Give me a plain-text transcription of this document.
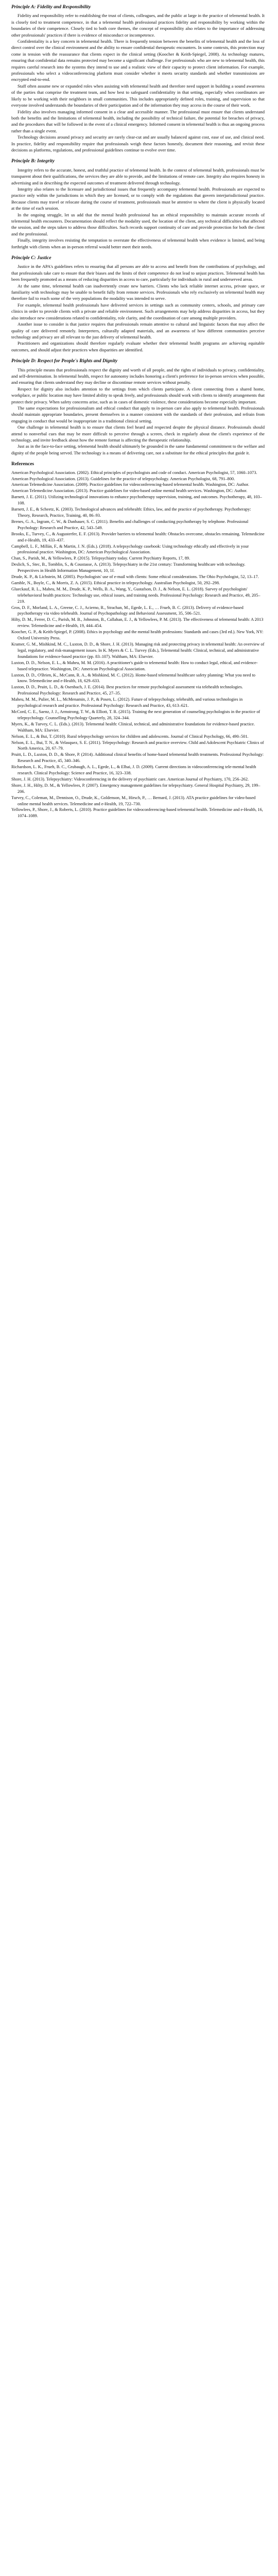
Principle A: Fidelity and Responsibility

Fidelity and responsibility refer to establishing the trust of clients, colleagues, and the public at large in the practice of telemental health. It is closely tied to treatment competence, in that a telemental health professional practices fidelity and responsibility by working within the boundaries of their competence. Closely tied to both core themes, the concept of responsibility also relates to the importance of addressing other professionals' practices if there is evidence of misconduct or incompetence.

Confidentiality is a key concern in telemental health. There is frequently tension between the benefits of telemental health and the loss of direct control over the clinical environment and the ability to ensure confidential therapeutic encounters. In some contexts, this protection may come in tension with the reassurance that clients expect in the clinical setting (Koocher & Keith-Spiegel, 2008). As technology matures, ensuring that confidential data remains protected may become a significant challenge. For professionals who are new to telemental health, this requires careful research into the systems they intend to use and a realistic view of their capacity to protect client information. For example, professionals who select a videoconferencing platform must consider whether it meets security standards and whether transmissions are encrypted end-to-end.

Staff often assume new or expanded roles when assisting with telemental health and therefore need support in building a sound awareness of the parties that comprise the treatment team, and how best to safeguard confidentiality in that setting, especially when coordinators are likely to be working with their neighbors in small communities. This includes appropriately defined roles, training, and supervision so that everyone involved understands the boundaries of their participation and of the information they may access in the course of their work.

Fidelity also involves managing informed consent in a clear and accessible manner. The professional must ensure that clients understand both the benefits and the limitations of telemental health, including the possibility of technical failure, the potential for breaches of privacy, and the procedures that will be followed in the event of a clinical emergency. Informed consent in telemental health is thus an ongoing process rather than a single event.

Technology decisions around privacy and security are rarely clear-cut and are usually balanced against cost, ease of use, and clinical need. In practice, fidelity and responsibility require that professionals weigh these factors honestly, document their reasoning, and revisit these decisions as platforms, regulations, and professional guidelines continue to evolve over time.

Principle B: Integrity

Integrity refers to the accurate, honest, and truthful practice of telemental health. In the context of telemental health, professionals must be transparent about their qualifications, the services they are able to provide, and the limitations of remote care. Integrity also requires honesty in advertising and in describing the expected outcomes of treatment delivered through technology.

Integrity also relates to the licensure and jurisdictional issues that frequently accompany telemental health. Professionals are expected to practice only within the jurisdictions in which they are licensed, or to comply with the regulations that govern interjurisdictional practice. Because clients may travel or relocate during the course of treatment, professionals must be attentive to where the client is physically located at the time of each session.

In the ongoing struggle, let us add that the mental health professional has an ethical responsibility to maintain accurate records of telemental health encounters. Documentation should reflect the modality used, the location of the client, any technical difficulties that affected the session, and the steps taken to address those difficulties. Such records support continuity of care and provide protection for both the client and the professional.

Finally, integrity involves resisting the temptation to overstate the effectiveness of telemental health when evidence is limited, and being forthright with clients when an in-person referral would better meet their needs.

Principle C: Justice

Justice in the APA's guidelines refers to ensuring that all persons are able to access and benefit from the contributions of psychology, and that professionals take care to ensure that their biases and the limits of their competence do not lead to unjust practices. Telemental health has been frequently promoted as a means of reducing disparities in access to care, particularly for individuals in rural and underserved areas.

At the same time, telemental health can inadvertently create new barriers. Clients who lack reliable internet access, private space, or familiarity with technology may be unable to benefit fully from remote services. Professionals who rely exclusively on telemental health may therefore fail to reach some of the very populations the modality was intended to serve.

For example, telemental health professionals have delivered services in settings such as community centers, schools, and primary care clinics in order to provide clients with a private and reliable environment. Such arrangements may help address disparities in access, but they also introduce new considerations related to confidentiality, role clarity, and the coordination of care among multiple providers.

Another issue to consider is that justice requires that professionals remain attentive to cultural and linguistic factors that may affect the quality of care delivered remotely. Interpreters, culturally adapted materials, and an awareness of how different communities perceive technology and privacy are all relevant to the just delivery of telemental health.

Practitioners and organizations should therefore regularly evaluate whether their telemental health programs are achieving equitable outcomes, and should adjust their practices when disparities are identified.

Principle D: Respect for People's Rights and Dignity

This principle means that professionals respect the dignity and worth of all people, and the rights of individuals to privacy, confidentiality, and self-determination. In telemental health, respect for autonomy includes honoring a client's preference for in-person services when possible, and ensuring that clients understand they may decline or discontinue remote services without penalty.

Respect for dignity also includes attention to the settings from which clients participate. A client connecting from a shared home, workplace, or public location may have limited ability to speak freely, and professionals should work with clients to identify arrangements that protect their privacy. When safety concerns arise, such as in cases of domestic violence, these considerations become especially important.

The same expectations for professionalism and ethical conduct that apply to in-person care also apply to telemental health. Professionals should maintain appropriate boundaries, present themselves in a manner consistent with the standards of their profession, and refrain from engaging in conduct that would be inappropriate in a traditional clinical setting.

One challenge in telemental health is to ensure that clients feel heard and respected despite the physical distance. Professionals should attend to nonverbal cues that may be more difficult to perceive through a screen, check in regularly about the client's experience of the technology, and invite feedback about how the remote format is affecting the therapeutic relationship.

Just as in the face-to-face setting, telemental health should ultimately be grounded in the same fundamental commitment to the welfare and dignity of the people being served. The technology is a means of delivering care, not a substitute for the ethical principles that guide it.

References

American Psychological Association. (2002). Ethical principles of psychologists and code of conduct. American Psychologist, 57, 1060–1073.

American Psychological Association. (2013). Guidelines for the practice of telepsychology. American Psychologist, 68, 791–800.

American Telemedicine Association. (2009). Practice guidelines for videoconferencing-based telemental health. Washington, DC: Author.

American Telemedicine Association. (2013). Practice guidelines for video-based online mental health services. Washington, DC: Author.

Barnett, J. E. (2011). Utilizing technological innovations to enhance psychotherapy supervision, training, and outcomes. Psychotherapy, 48, 103–108.

Barnett, J. E., & Scheetz, K. (2003). Technological advances and telehealth: Ethics, law, and the practice of psychotherapy. Psychotherapy: Theory, Research, Practice, Training, 40, 86–93.

Brenes, G. A., Ingram, C. W., & Danhauer, S. C. (2011). Benefits and challenges of conducting psychotherapy by telephone. Professional Psychology: Research and Practice, 42, 543–549.

Brooks, E., Turvey, C., & Augusterfer, E. F. (2013). Provider barriers to telemental health: Obstacles overcome, obstacles remaining. Telemedicine and e-Health, 19, 433–437.

Campbell, L. F., Millán, F., & Martin, J. N. (Eds.). (2018). A telepsychology casebook: Using technology ethically and effectively in your professional practice. Washington, DC: American Psychological Association.

Chan, S., Parish, M., & Yellowlees, P. (2015). Telepsychiatry today. Current Psychiatry Reports, 17, 89.

Deslich, S., Stec, B., Tomblin, S., & Coustasse, A. (2013). Telepsychiatry in the 21st century: Transforming healthcare with technology. Perspectives in Health Information Management, 10, 1f.

Drude, K. P., & Lichstein, M. (2005). Psychologists' use of e-mail with clients: Some ethical considerations. The Ohio Psychologist, 52, 13–17.

Gamble, N., Boyle, C., & Morris, Z. A. (2015). Ethical practice in telepsychology. Australian Psychologist, 50, 292–298.

Glueckauf, R. L., Maheu, M. M., Drude, K. P., Wells, B. A., Wang, Y., Gustafson, D. J., & Nelson, E. L. (2018). Survey of psychologists' telebehavioral health practices: Technology use, ethical issues, and training needs. Professional Psychology: Research and Practice, 49, 205–219.

Gros, D. F., Morland, L. A., Greene, C. J., Acierno, R., Strachan, M., Egede, L. E., … Frueh, B. C. (2013). Delivery of evidence-based psychotherapy via video telehealth. Journal of Psychopathology and Behavioral Assessment, 35, 506–521.

Hilty, D. M., Ferrer, D. C., Parish, M. B., Johnston, B., Callahan, E. J., & Yellowlees, P. M. (2013). The effectiveness of telemental health: A 2013 review. Telemedicine and e-Health, 19, 444–454.

Koocher, G. P., & Keith-Spiegel, P. (2008). Ethics in psychology and the mental health professions: Standards and cases (3rd ed.). New York, NY: Oxford University Press.

Kramer, G. M., Mishkind, M. C., Luxton, D. D., & Shore, J. H. (2013). Managing risk and protecting privacy in telemental health: An overview of legal, regulatory, and risk-management issues. In K. Myers & C. L. Turvey (Eds.), Telemental health: Clinical, technical, and administrative foundations for evidence-based practice (pp. 83–107). Waltham, MA: Elsevier.

Luxton, D. D., Nelson, E. L., & Maheu, M. M. (2016). A practitioner's guide to telemental health: How to conduct legal, ethical, and evidence-based telepractice. Washington, DC: American Psychological Association.

Luxton, D. D., O'Brien, K., McCann, R. A., & Mishkind, M. C. (2012). Home-based telemental healthcare safety planning: What you need to know. Telemedicine and e-Health, 18, 629–633.

Luxton, D. D., Pruitt, L. D., & Osenbach, J. E. (2014). Best practices for remote psychological assessment via telehealth technologies. Professional Psychology: Research and Practice, 45, 27–35.

Maheu, M. M., Pulier, M. L., McMenamin, J. P., & Posen, L. (2012). Future of telepsychology, telehealth, and various technologies in psychological research and practice. Professional Psychology: Research and Practice, 43, 613–621.

McCord, C. E., Saenz, J. J., Armstrong, T. W., & Elliott, T. R. (2015). Training the next generation of counseling psychologists in the practice of telepsychology. Counselling Psychology Quarterly, 28, 324–344.

Myers, K., & Turvey, C. L. (Eds.). (2013). Telemental health: Clinical, technical, and administrative foundations for evidence-based practice. Waltham, MA: Elsevier.

Nelson, E. L., & Bui, T. (2010). Rural telepsychology services for children and adolescents. Journal of Clinical Psychology, 66, 490–501.

Nelson, E. L., Bui, T. N., & Velasquez, S. E. (2011). Telepsychology: Research and practice overview. Child and Adolescent Psychiatric Clinics of North America, 20, 67–79.

Pruitt, L. D., Luxton, D. D., & Shore, P. (2014). Additional clinical benefits of home-based telemental health treatments. Professional Psychology: Research and Practice, 45, 340–346.

Richardson, L. K., Frueh, B. C., Grubaugh, A. L., Egede, L., & Elhai, J. D. (2009). Current directions in videoconferencing tele-mental health research. Clinical Psychology: Science and Practice, 16, 323–338.

Shore, J. H. (2013). Telepsychiatry: Videoconferencing in the delivery of psychiatric care. American Journal of Psychiatry, 170, 256–262.

Shore, J. H., Hilty, D. M., & Yellowlees, P. (2007). Emergency management guidelines for telepsychiatry. General Hospital Psychiatry, 29, 199–206.

Turvey, C., Coleman, M., Dennison, O., Drude, K., Goldenson, M., Hirsch, P., … Bernard, J. (2013). ATA practice guidelines for video-based online mental health services. Telemedicine and e-Health, 19, 722–730.

Yellowlees, P., Shore, J., & Roberts, L. (2010). Practice guidelines for videoconferencing-based telemental health. Telemedicine and e-Health, 16, 1074–1089.
